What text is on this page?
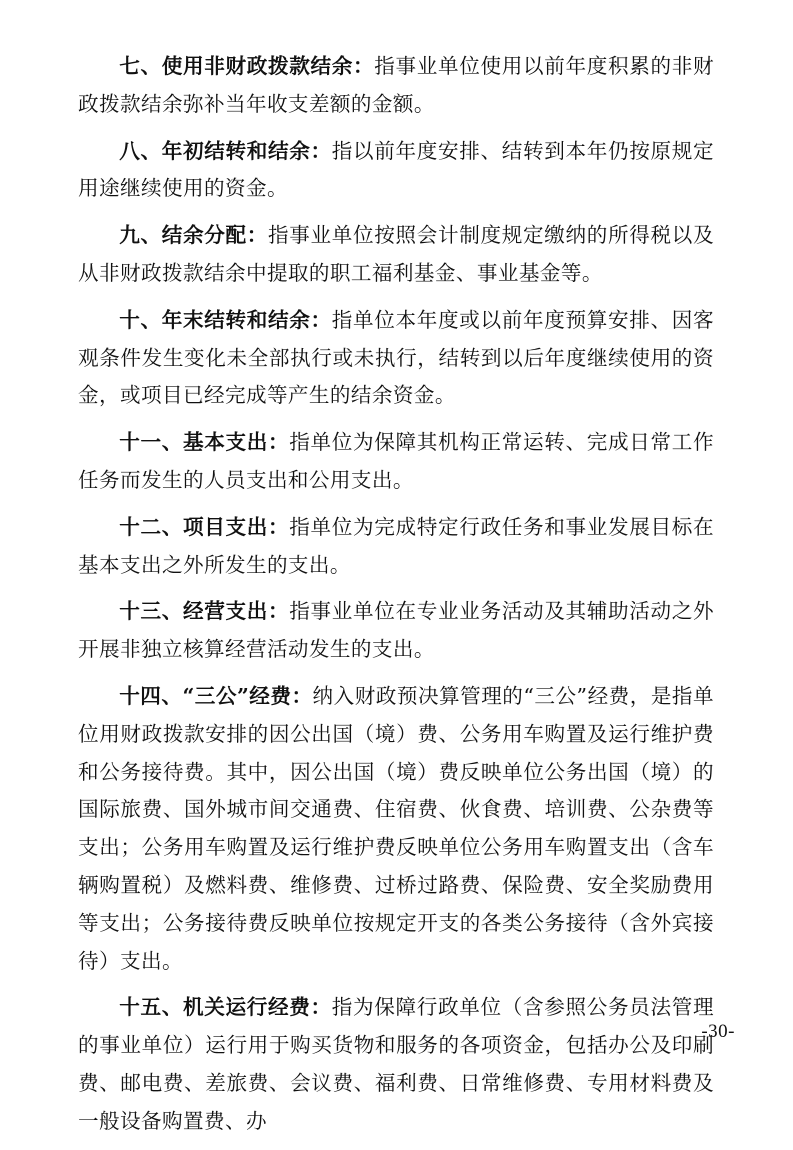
七、使用非财政拨款结余：指事业单位使用以前年度积累的非财政拨款结余弥补当年收支差额的金额。

八、年初结转和结余：指以前年度安排、结转到本年仍按原规定用途继续使用的资金。

九、结余分配：指事业单位按照会计制度规定缴纳的所得税以及从非财政拨款结余中提取的职工福利基金、事业基金等。

十、年末结转和结余：指单位本年度或以前年度预算安排、因客观条件发生变化未全部执行或未执行，结转到以后年度继续使用的资金，或项目已经完成等产生的结余资金。

十一、基本支出：指单位为保障其机构正常运转、完成日常工作任务而发生的人员支出和公用支出。

十二、项目支出：指单位为完成特定行政任务和事业发展目标在基本支出之外所发生的支出。

十三、经营支出：指事业单位在专业业务活动及其辅助活动之外开展非独立核算经营活动发生的支出。

十四、“三公”经费：纳入财政预决算管理的“三公”经费，是指单位用财政拨款安排的因公出国（境）费、公务用车购置及运行维护费和公务接待费。其中，因公出国（境）费反映单位公务出国（境）的国际旅费、国外城市间交通费、住宿费、伙食费、培训费、公杂费等支出；公务用车购置及运行维护费反映单位公务用车购置支出（含车辆购置税）及燃料费、维修费、过桥过路费、保险费、安全奖励费用等支出；公务接待费反映单位按规定开支的各类公务接待（含外宾接待）支出。

十五、机关运行经费：指为保障行政单位（含参照公务员法管理的事业单位）运行用于购买货物和服务的各项资金，包括办公及印刷费、邮电费、差旅费、会议费、福利费、日常维修费、专用材料费及一般设备购置费、办

-30-
